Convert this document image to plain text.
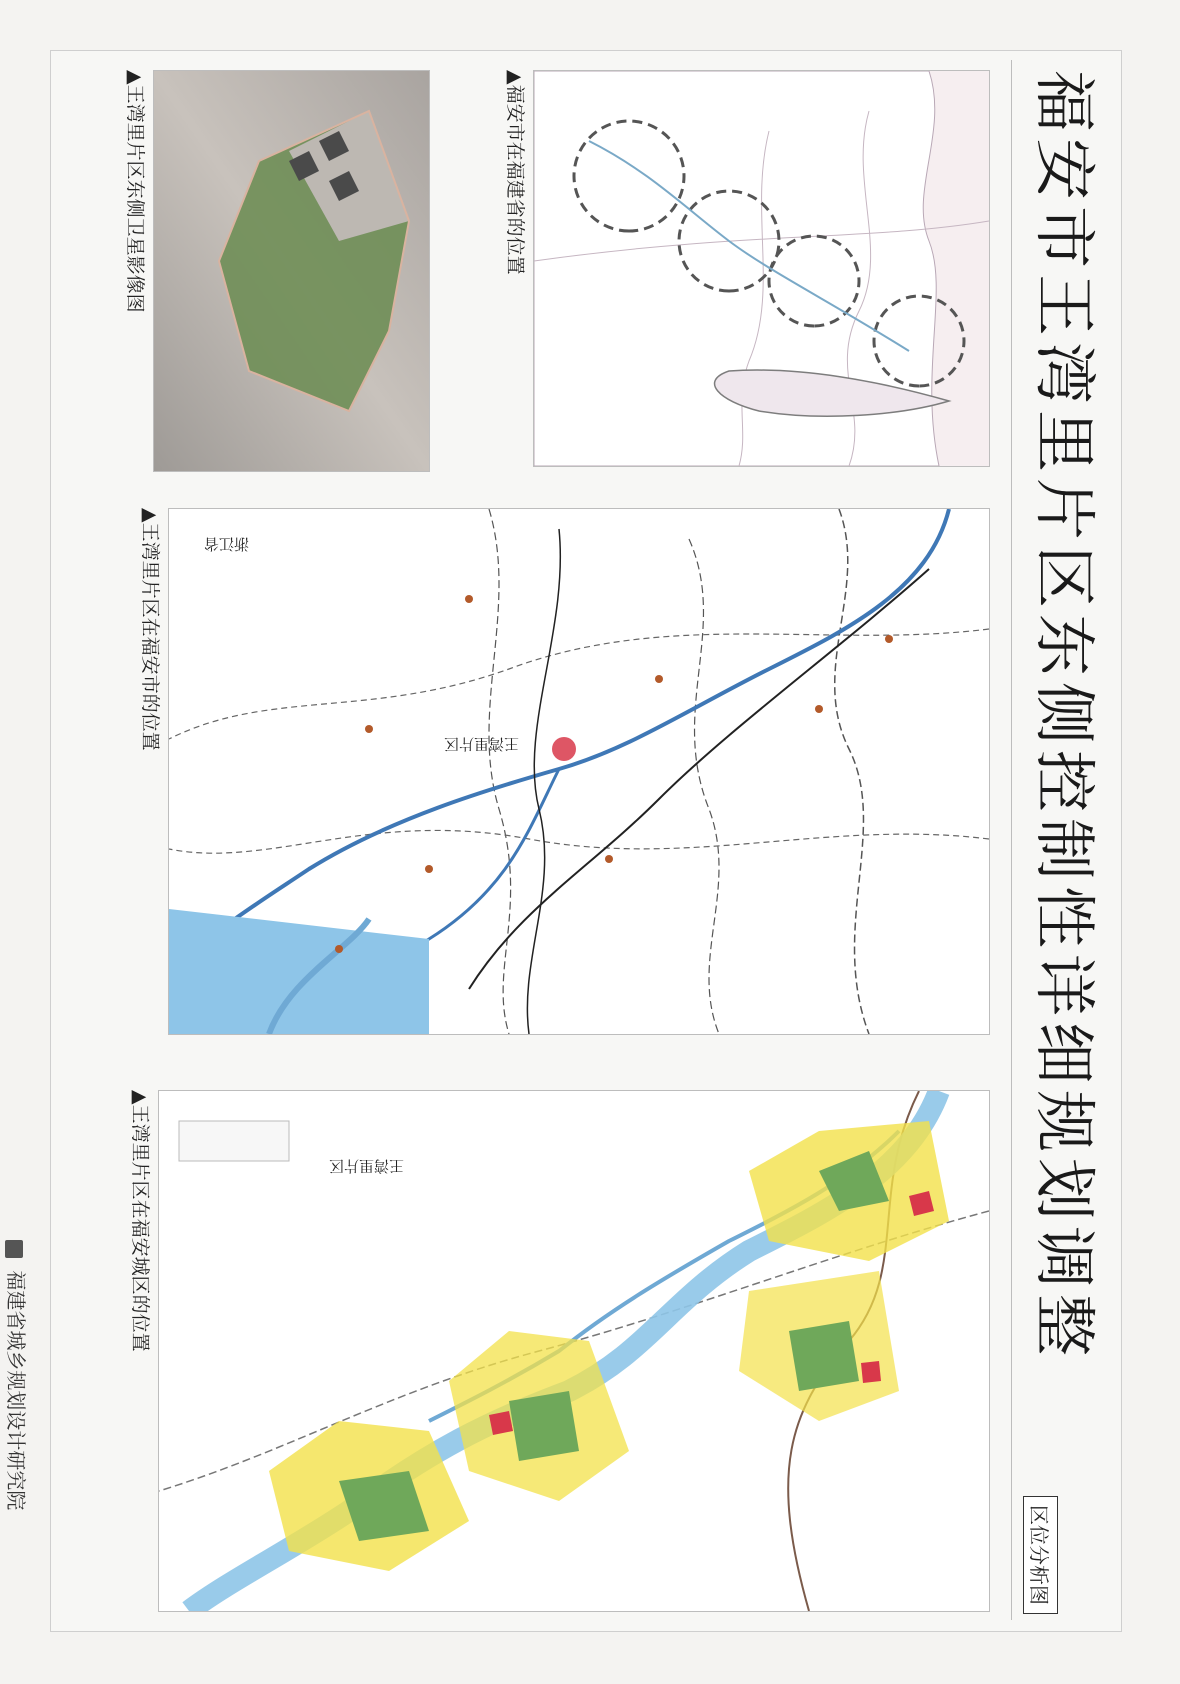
福安市王湾里片区东侧控制性详细规划调整
区位分析图
王湾里片区
浙江省
王湾里片区
▲福安市在福建省的位置
▲王湾里片区东侧卫星影像图
▲王湾里片区在福安市的位置
▲王湾里片区在福安城区的位置
福建省城乡规划设计研究院
